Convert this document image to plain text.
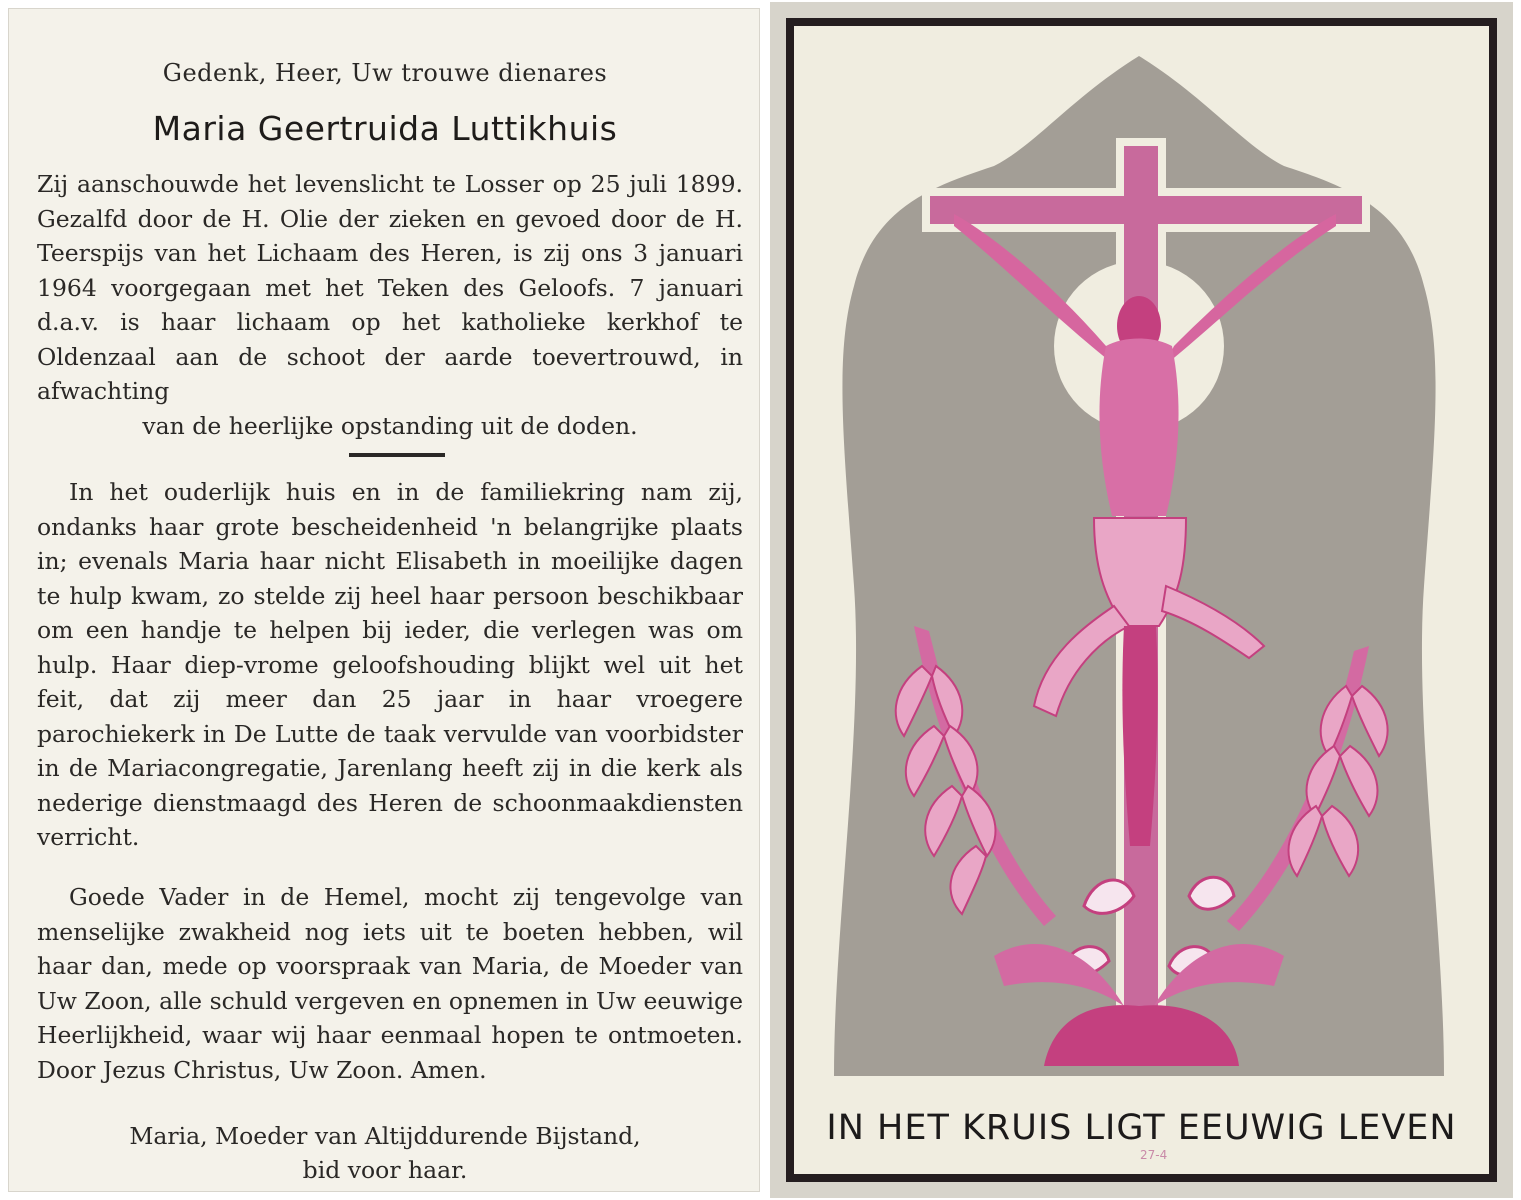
Gedenk, Heer, Uw trouwe dienares
Maria Geertruida Luttikhuis

Zij aanschouwde het levenslicht te Losser op 25 juli 1899. Gezalfd door de H. Olie der zieken en gevoed door de H. Teerspijs van het Lichaam des Heren, is zij ons 3 januari 1964 voorgegaan met het Teken des Geloofs. 7 januari d.a.v. is haar lichaam op het katholieke kerkhof te Oldenzaal aan de schoot der aarde toevertrouwd, in afwachting
van de heerlijke opstanding uit de doden.

In het ouderlijk huis en in de familiekring nam zij, ondanks haar grote bescheidenheid 'n belangrijke plaats in; evenals Maria haar nicht Elisabeth in moeilijke dagen te hulp kwam, zo stelde zij heel haar persoon beschikbaar om een handje te helpen bij ieder, die verlegen was om hulp. Haar diep-vrome geloofshouding blijkt wel uit het feit, dat zij meer dan 25 jaar in haar vroegere parochiekerk in De Lutte de taak vervulde van voorbidster in de Mariacongregatie, Jarenlang heeft zij in die kerk als nederige dienstmaagd des Heren de schoonmaakdiensten verricht.

Goede Vader in de Hemel, mocht zij tengevolge van menselijke zwakheid nog iets uit te boeten hebben, wil haar dan, mede op voorspraak van Maria, de Moeder van Uw Zoon, alle schuld vergeven en opnemen in Uw eeuwige Heerlijkheid, waar wij haar eenmaal hopen te ontmoeten. Door Jezus Christus, Uw Zoon. Amen.

Maria, Moeder van Altijddurende Bijstand,
bid voor haar.
IN HET KRUIS LIGT EEUWIG LEVEN
27-4
